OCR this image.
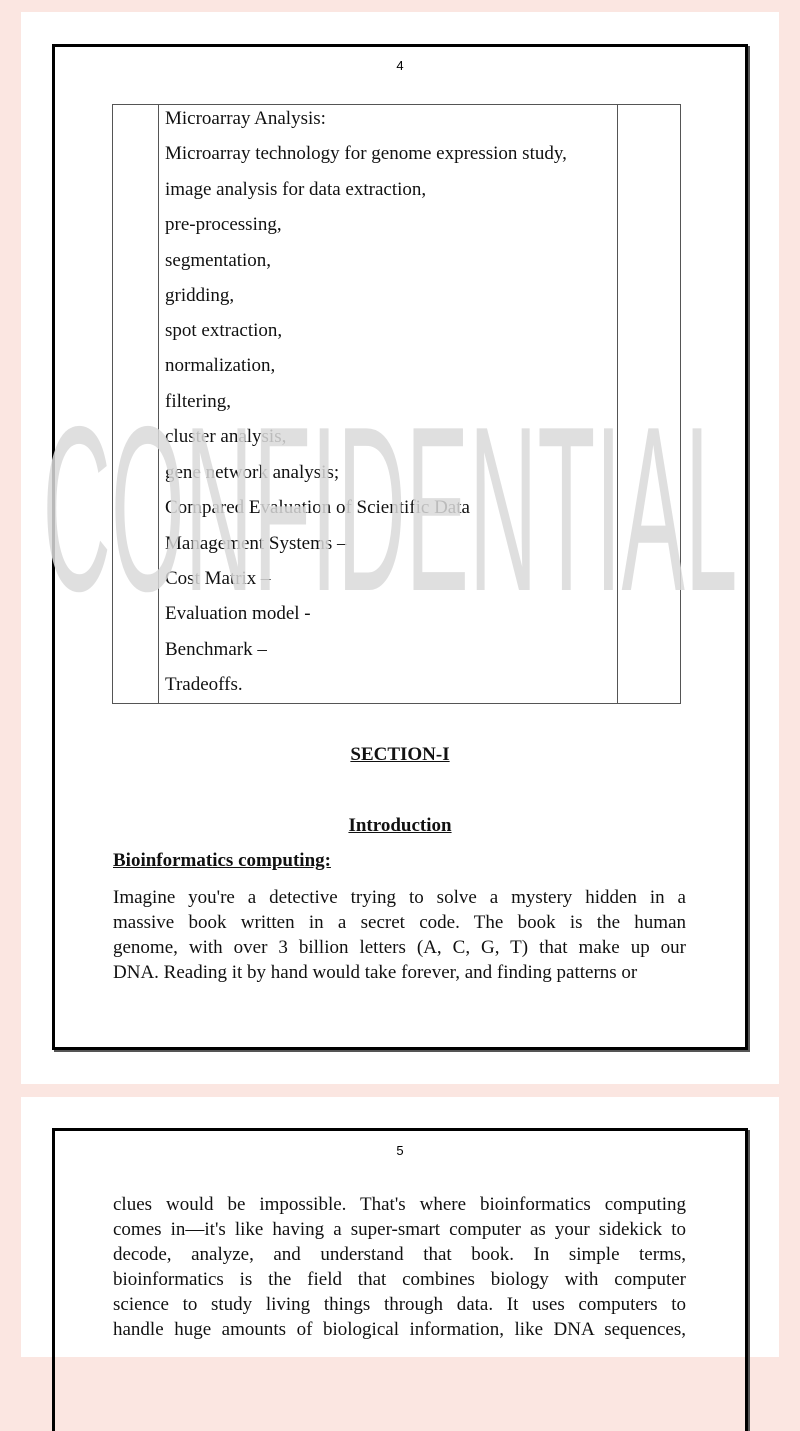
4
Microarray Analysis:
Microarray technology for genome expression study,
image analysis for data extraction,
pre-processing,
segmentation,
gridding,
spot extraction,
normalization,
filtering,
cluster analysis,
gene network analysis;
Compared Evaluation of Scientific Data
Management Systems –
Cost Matrix –
Evaluation model -
Benchmark –
Tradeoffs.
SECTION-I
Introduction
Bioinformatics computing:
Imagine you're a detective trying to solve a mystery hidden in a
massive book written in a secret code. The book is the human
genome, with over 3 billion letters (A, C, G, T) that make up our
DNA. Reading it by hand would take forever, and finding patterns or
CONFIDENTIAL
5
clues would be impossible. That's where bioinformatics computing
comes in—it's like having a super-smart computer as your sidekick to
decode, analyze, and understand that book. In simple terms,
bioinformatics is the field that combines biology with computer
science to study living things through data. It uses computers to
handle huge amounts of biological information, like DNA sequences,
